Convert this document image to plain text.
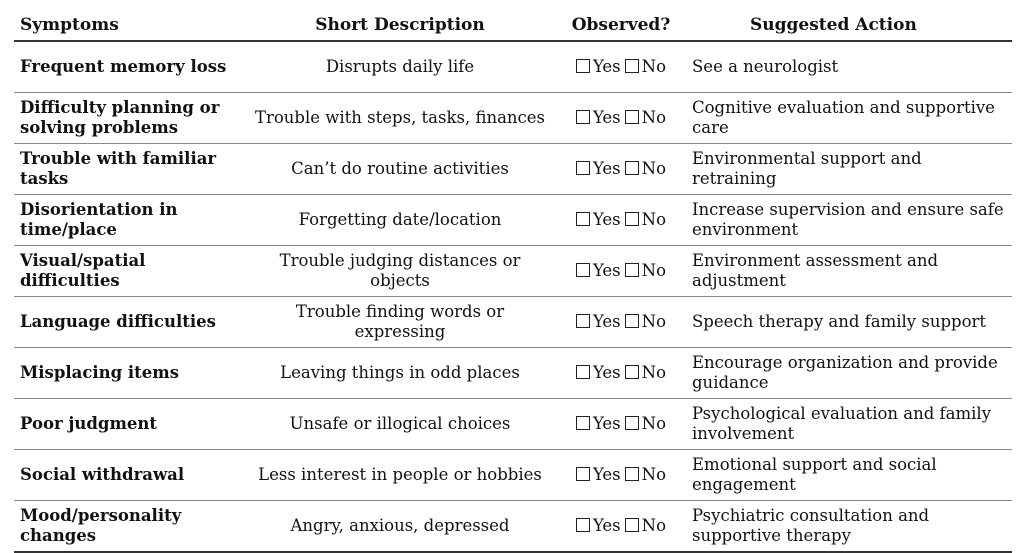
Symptoms	Short Description	Observed?	Suggested Action
Frequent memory loss	Disrupts daily life	Yes No	See a neurologist
Difficulty planning or solving problems	Trouble with steps, tasks, finances	Yes No	Cognitive evaluation and supportive care
Trouble with familiar tasks	Can’t do routine activities	Yes No	Environmental support and retraining
Disorientation in time/place	Forgetting date/location	Yes No	Increase supervision and ensure safe environment
Visual/spatial difficulties	Trouble judging distances or objects	Yes No	Environment assessment and adjustment
Language difficulties	Trouble finding words or expressing	Yes No	Speech therapy and family support
Misplacing items	Leaving things in odd places	Yes No	Encourage organization and provide guidance
Poor judgment	Unsafe or illogical choices	Yes No	Psychological evaluation and family involvement
Social withdrawal	Less interest in people or hobbies	Yes No	Emotional support and social engagement
Mood/personality changes	Angry, anxious, depressed	Yes No	Psychiatric consultation and supportive therapy
